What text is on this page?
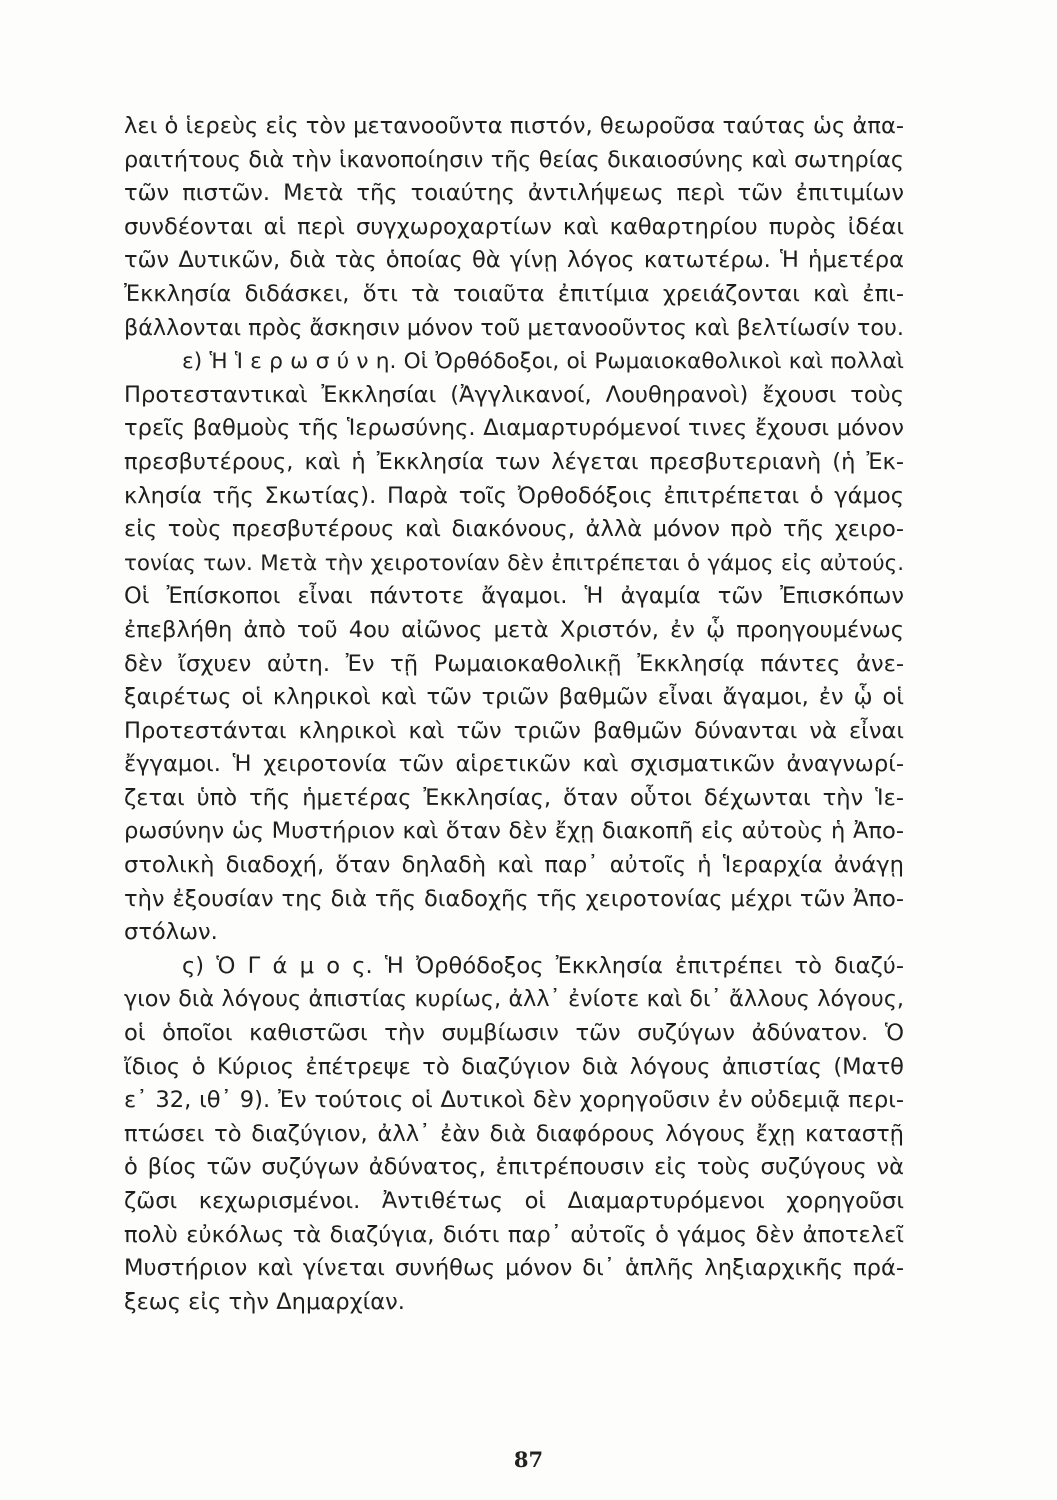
λει ὁ ἱερεὺς εἰς τὸν μετανοοῦντα πιστόν, θεωροῦσα ταύτας ὡς ἀπα-
ραιτήτους διὰ τὴν ἱκανοποίησιν τῆς θείας δικαιοσύνης καὶ σωτηρίας
τῶν πιστῶν. Μετὰ τῆς τοιαύτης ἀντιλήψεως περὶ τῶν ἐπιτιμίων
συνδέονται αἱ περὶ συγχωροχαρτίων καὶ καθαρτηρίου πυρὸς ἰδέαι
τῶν Δυτικῶν, διὰ τὰς ὁποίας θὰ γίνῃ λόγος κατωτέρω. Ἡ ἡμετέρα
Ἐκκλησία διδάσκει, ὅτι τὰ τοιαῦτα ἐπιτίμια χρειάζονται καὶ ἐπι-
βάλλονται πρὸς ἄσκησιν μόνον τοῦ μετανοοῦντος καὶ βελτίωσίν του.
ε) Ἡ Ἱ ε ρ ω σ ύ ν η. Οἱ Ὀρθόδοξοι, οἱ Ρωμαιοκαθολικοὶ καὶ πολλαὶ
Προτεσταντικαὶ Ἐκκλησίαι (Ἀγγλικανοί, Λουθηρανοὶ) ἔχουσι τοὺς
τρεῖς βαθμοὺς τῆς Ἱερωσύνης. Διαμαρτυρόμενοί τινες ἔχουσι μόνον
πρεσβυτέρους, καὶ ἡ Ἐκκλησία των λέγεται πρεσβυτεριανὴ (ἡ Ἐκ-
κλησία τῆς Σκωτίας). Παρὰ τοῖς Ὀρθοδόξοις ἐπιτρέπεται ὁ γάμος
εἰς τοὺς πρεσβυτέρους καὶ διακόνους, ἀλλὰ μόνον πρὸ τῆς χειρο-
τονίας των. Μετὰ τὴν χειροτονίαν δὲν ἐπιτρέπεται ὁ γάμος εἰς αὐτούς.
Οἱ Ἐπίσκοποι εἶναι πάντοτε ἄγαμοι. Ἡ ἀγαμία τῶν Ἐπισκόπων
ἐπεβλήθη ἀπὸ τοῦ 4ου αἰῶνος μετὰ Χριστόν, ἐν ᾧ προηγουμένως
δὲν ἴσχυεν αὐτη. Ἐν τῇ Ρωμαιοκαθολικῇ Ἐκκλησίᾳ πάντες ἀνε-
ξαιρέτως οἱ κληρικοὶ καὶ τῶν τριῶν βαθμῶν εἶναι ἄγαμοι, ἐν ᾧ οἱ
Προτεστάνται κληρικοὶ καὶ τῶν τριῶν βαθμῶν δύνανται νὰ εἶναι
ἔγγαμοι. Ἡ χειροτονία τῶν αἱρετικῶν καὶ σχισματικῶν ἀναγνωρί-
ζεται ὑπὸ τῆς ἡμετέρας Ἐκκλησίας, ὅταν οὗτοι δέχωνται τὴν Ἱε-
ρωσύνην ὡς Μυστήριον καὶ ὅταν δὲν ἔχῃ διακοπῆ εἰς αὐτοὺς ἡ Ἀπο-
στολικὴ διαδοχή, ὅταν δηλαδὴ καὶ παρ᾽ αὐτοῖς ἡ Ἱεραρχία ἀνάγῃ
τὴν ἐξουσίαν της διὰ τῆς διαδοχῆς τῆς χειροτονίας μέχρι τῶν Ἀπο-
στόλων.
ς) Ὁ Γ ά μ ο ς. Ἡ Ὀρθόδοξος Ἐκκλησία ἐπιτρέπει τὸ διαζύ-
γιον διὰ λόγους ἀπιστίας κυρίως, ἀλλ᾽ ἐνίοτε καὶ δι᾽ ἄλλους λόγους,
οἱ ὁποῖοι καθιστῶσι τὴν συμβίωσιν τῶν συζύγων ἀδύνατον. Ὁ
ἴδιος ὁ Κύριος ἐπέτρεψε τὸ διαζύγιον διὰ λόγους ἀπιστίας (Ματθ
ε᾽ 32, ιθ᾽ 9). Ἐν τούτοις οἱ Δυτικοὶ δὲν χορηγοῦσιν ἐν οὐδεμιᾷ περι-
πτώσει τὸ διαζύγιον, ἀλλ᾽ ἐὰν διὰ διαφόρους λόγους ἔχῃ καταστῇ
ὁ βίος τῶν συζύγων ἀδύνατος, ἐπιτρέπουσιν εἰς τοὺς συζύγους νὰ
ζῶσι κεχωρισμένοι. Ἀντιθέτως οἱ Διαμαρτυρόμενοι χορηγοῦσι
πολὺ εὐκόλως τὰ διαζύγια, διότι παρ᾽ αὐτοῖς ὁ γάμος δὲν ἀποτελεῖ
Μυστήριον καὶ γίνεται συνήθως μόνον δι᾽ ἁπλῆς ληξιαρχικῆς πρά-
ξεως εἰς τὴν Δημαρχίαν.
87
